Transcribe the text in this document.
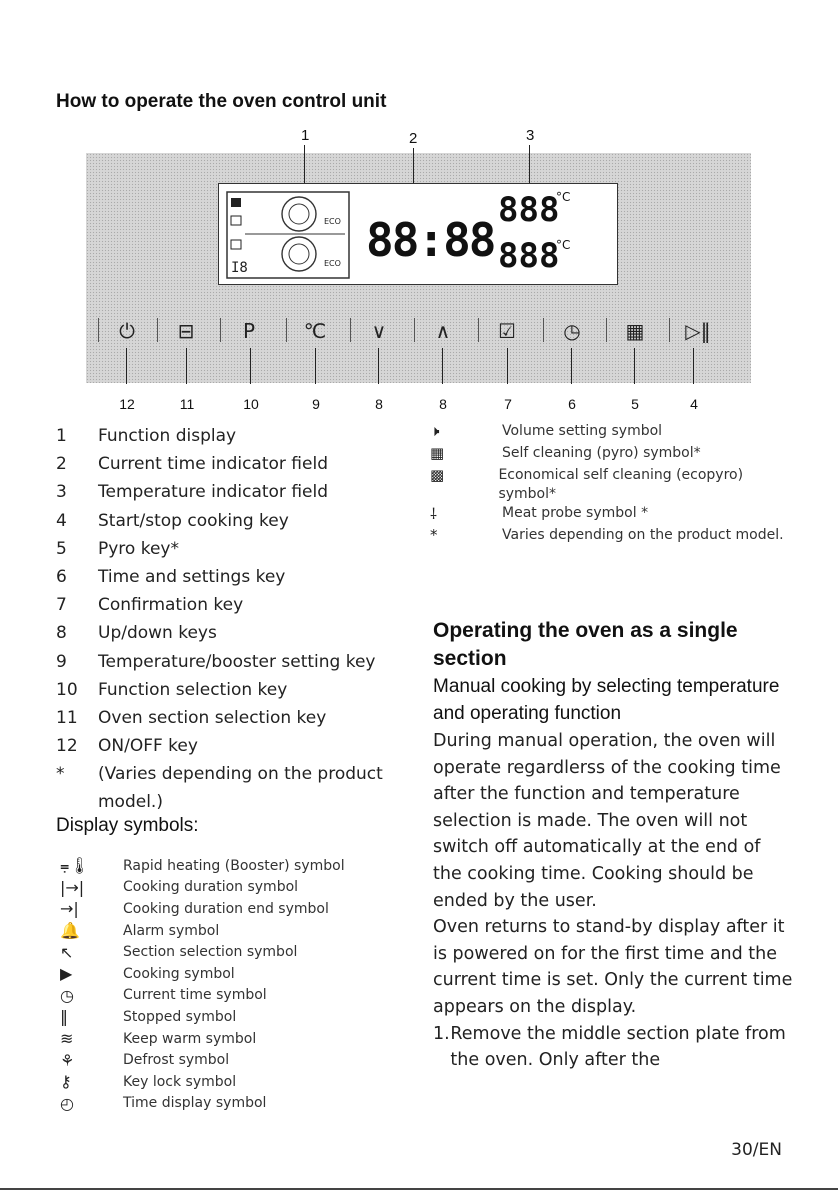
How to operate the oven control unit
1	2	3
I8
ECO
ECO 88:88
888
888
°C
°C
⏻	⊟	P	℃	∨	∧	☑	◷	▦	▷‖
12	11	10	9	8	8	7	6	5	4
1	Function display
2	Current time indicator field
3	Temperature indicator field
4	Start/stop cooking key
5	Pyro key*
6	Time and settings key
7	Confirmation key
8	Up/down keys
9	Temperature/booster setting key
10	Function selection key
11	Oven section selection key
12	ON/OFF key
*	(Varies depending on the product
model.)
Display symbols:
⩦🌡	Rapid heating (Booster) symbol
|→|	Cooking duration symbol
→|	Cooking duration end symbol
🔔	Alarm symbol
↖	Section selection symbol
▶	Cooking symbol
◷	Current time symbol
‖	Stopped symbol
≋	Keep warm symbol
⚘	Defrost symbol
⚷	Key lock symbol
◴	Time display symbol
🕨	Volume setting symbol
▦	Self cleaning (pyro) symbol*
▩	Economical self cleaning (ecopyro) symbol*
⸸	Meat probe symbol *
*	Varies depending on the product model.
Operating the oven as a single section
Manual cooking by selecting temperature and operating function

During manual operation, the oven will operate regardlerss of the cooking time after the function and temperature selection is made. The oven will not switch off automatically at the end of the cooking time. Cooking should be ended by the user.

Oven returns to stand-by display after it is powered on for the first time and the current time is set. Only the current time appears on the display.

1. Remove the middle section plate from the oven. Only after the
30/EN
